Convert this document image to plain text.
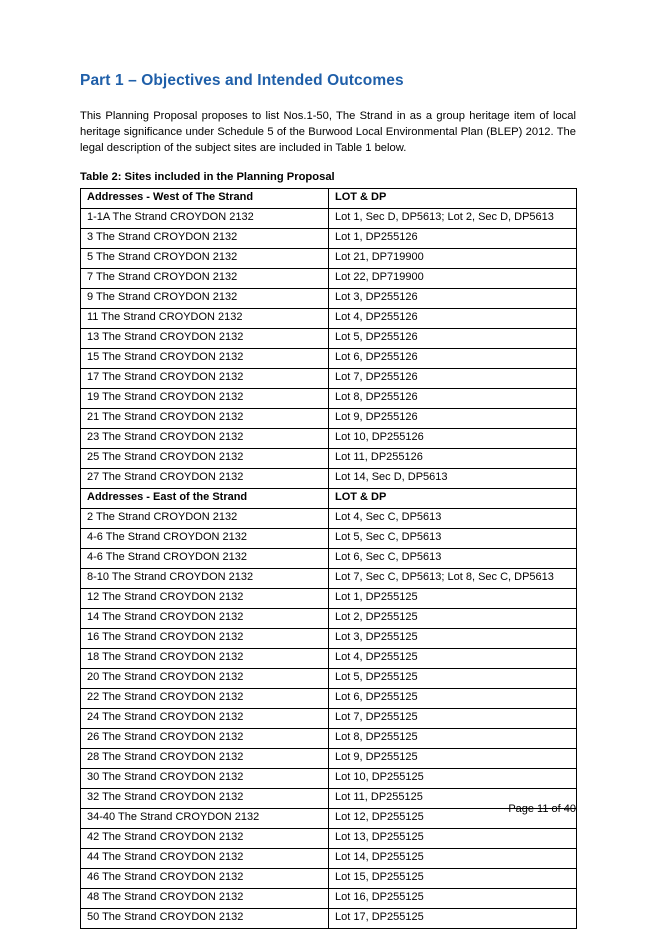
Part 1 – Objectives and Intended Outcomes

This Planning Proposal proposes to list Nos.1-50, The Strand in as a group heritage item of local heritage significance under Schedule 5 of the Burwood Local Environmental Plan (BLEP) 2012. The legal description of the subject sites are included in Table 1 below.

Table 2: Sites included in the Planning Proposal
Addresses - West of The Strand	LOT & DP
1-1A The Strand CROYDON 2132	Lot 1, Sec D, DP5613; Lot 2, Sec D, DP5613
3 The Strand CROYDON 2132	Lot 1, DP255126
5 The Strand CROYDON 2132	Lot 21, DP719900
7 The Strand CROYDON 2132	Lot 22, DP719900
9 The Strand CROYDON 2132	Lot 3, DP255126
11 The Strand CROYDON 2132	Lot 4, DP255126
13 The Strand CROYDON 2132	Lot 5, DP255126
15 The Strand CROYDON 2132	Lot 6, DP255126
17 The Strand CROYDON 2132	Lot 7, DP255126
19 The Strand CROYDON 2132	Lot 8, DP255126
21 The Strand CROYDON 2132	Lot 9, DP255126
23 The Strand CROYDON 2132	Lot 10, DP255126
25 The Strand CROYDON 2132	Lot 11, DP255126
27 The Strand CROYDON 2132	Lot 14, Sec D, DP5613
Addresses - East of the Strand	LOT & DP
2 The Strand CROYDON 2132	Lot 4, Sec C, DP5613
4-6 The Strand CROYDON 2132	Lot 5, Sec C, DP5613
4-6 The Strand CROYDON 2132	Lot 6, Sec C, DP5613
8-10 The Strand CROYDON 2132	Lot 7, Sec C, DP5613; Lot 8, Sec C, DP5613
12 The Strand CROYDON 2132	Lot 1, DP255125
14 The Strand CROYDON 2132	Lot 2, DP255125
16 The Strand CROYDON 2132	Lot 3, DP255125
18 The Strand CROYDON 2132	Lot 4, DP255125
20 The Strand CROYDON 2132	Lot 5, DP255125
22 The Strand CROYDON 2132	Lot 6, DP255125
24 The Strand CROYDON 2132	Lot 7, DP255125
26 The Strand CROYDON 2132	Lot 8, DP255125
28 The Strand CROYDON 2132	Lot 9, DP255125
30 The Strand CROYDON 2132	Lot 10, DP255125
32 The Strand CROYDON 2132	Lot 11, DP255125
34-40 The Strand CROYDON 2132	Lot 12, DP255125
42 The Strand CROYDON 2132	Lot 13, DP255125
44 The Strand CROYDON 2132	Lot 14, DP255125
46 The Strand CROYDON 2132	Lot 15, DP255125
48 The Strand CROYDON 2132	Lot 16, DP255125
50 The Strand CROYDON 2132	Lot 17, DP255125
Page 11 of 40
